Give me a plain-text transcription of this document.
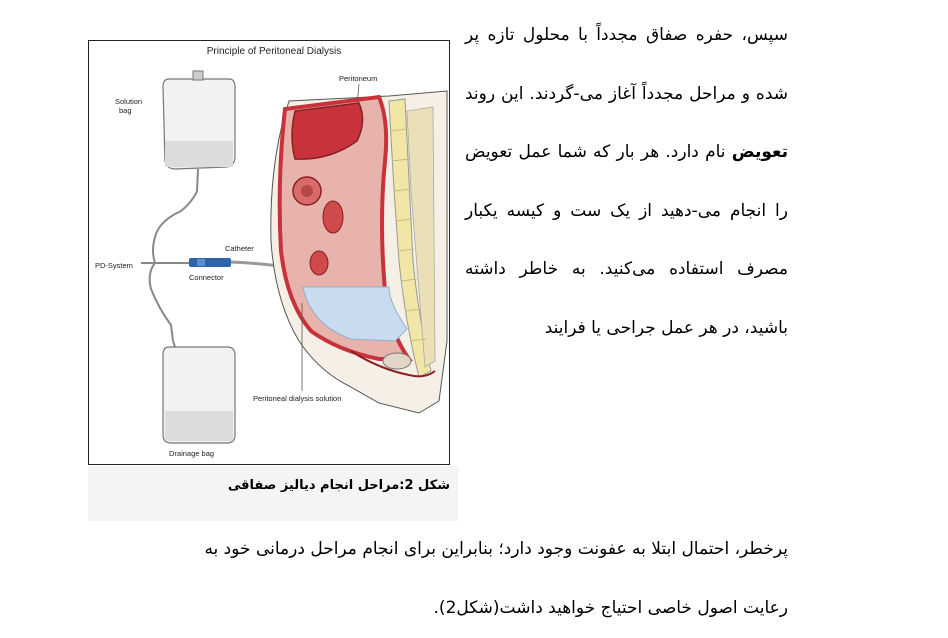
Principle of Peritoneal Dialysis
Solution
bag
PD-System
Catheter
Connector
Drainage bag
Peritoneum
Peritoneal dialysis solution
شکل 2:مراحل انجام دیالیز صفاقی

سپس، حفره صفاق مجدداً با محلول تازه پر شده و مراحل مجدداً آغاز می-گردند. این روند تعویض نام دارد. هر بار که شما عمل تعویض را انجام می-دهید از یک ست و کیسه یکبار مصرف استفاده می‌کنید. به خاطر داشته باشید، در هر عمل جراحی یا فرایند

پرخطر، احتمال ابتلا به عفونت وجود دارد؛ بنابراین برای انجام مراحل درمانی خود به

رعایت اصول خاصی احتیاج خواهید داشت(شکل2).
